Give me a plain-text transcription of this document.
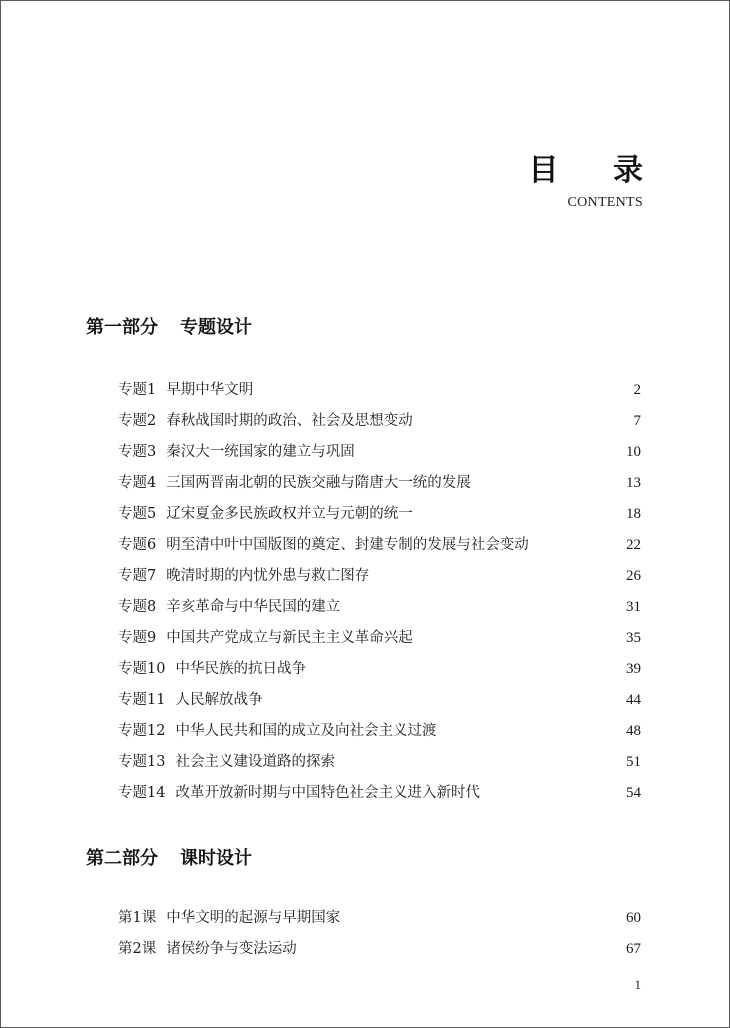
目 录
CONTENTS
第一部分 专题设计
专题1 早期中华文明	2
专题2 春秋战国时期的政治、社会及思想变动	7
专题3 秦汉大一统国家的建立与巩固	10
专题4 三国两晋南北朝的民族交融与隋唐大一统的发展	13
专题5 辽宋夏金多民族政权并立与元朝的统一	18
专题6 明至清中叶中国版图的奠定、封建专制的发展与社会变动	22
专题7 晚清时期的内忧外患与救亡图存	26
专题8 辛亥革命与中华民国的建立	31
专题9 中国共产党成立与新民主主义革命兴起	35
专题10 中华民族的抗日战争	39
专题11 人民解放战争	44
专题12 中华人民共和国的成立及向社会主义过渡	48
专题13 社会主义建设道路的探索	51
专题14 改革开放新时期与中国特色社会主义进入新时代	54
第二部分 课时设计
第1课 中华文明的起源与早期国家	60
第2课 诸侯纷争与变法运动	67
1
